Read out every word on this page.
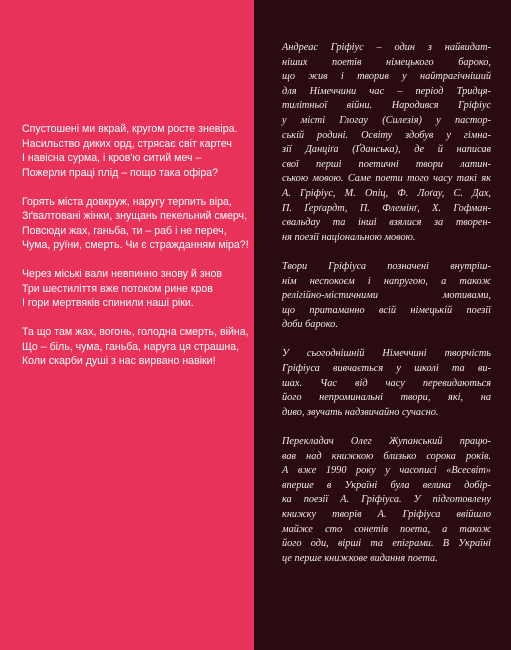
Спустошені ми вкрай, кругом росте зневіра.
Насильство диких орд, стрясає світ картеч
І навісна сурма, і кров'ю ситий меч –
Пожерли праці плід – пощо така офіра?
Горять міста довкруж, наругу терпить віра,
Зґвалтовані жінки, знущань пекельний смерч,
Повсюди жах, ганьба, ти – раб і не переч,
Чума, руїни, смерть. Чи є стражданням міра?!
Через міські вали невпинно знову й знов
Три шестиліття вже потоком рине кров
І гори мертвяків спинили наші ріки.
Та що там жах, вогонь, голодна смерть, війна,
Що – біль, чума, ганьба, наруга ця страшна,
Коли скарби душі з нас вирвано навіки!
Андреас Гріфіус – один з найвидат-
ніших поетів німецького бароко,
що жив і творив у найтрагічніший
для Німеччини час – період Тридця-
тилітньої війни. Народився Гріфіус
у місті Глогау (Силезія) у пастор-
ській родині. Освіту здобув у гімна-
зії Данціґа (Ґданська), де й написав
свої перші поетичні твори латин-
ською мовою. Саме поети того часу такі як
А. Гріфіус, М. Опіц, Ф. Лоґау, С. Дах,
П. Ґерґардт, П. Флемінґ, Х. Гофман-
свальдау та інші взялися за творен-
ня поезії національною мовою.
Твори Гріфіуса позначені внутріш-
нім неспокоєм і напругою, а також
релігійно-містичними мотивами,
що притаманно всій німецькій поезії
доби бароко.
У сьогоднішній Німеччині творчість
Гріфіуса вивчається у школі та ви-
шах. Час від часу перевидаються
його непроминальні твори, які, на
диво, звучать надзвичайно сучасно.
Перекладач Олег Жупанський працю-
вав над книжкою близько сорока років.
А вже 1990 року у часописі «Всесвіт»
вперше в Україні була велика добір-
ка поезії А. Гріфіуса. У підготовлену
книжку творів А. Гріфіуса ввійшло
майже сто сонетів поета, а також
його оди, вірші та епіграми. В Україні
це перше книжкове видання поета.
